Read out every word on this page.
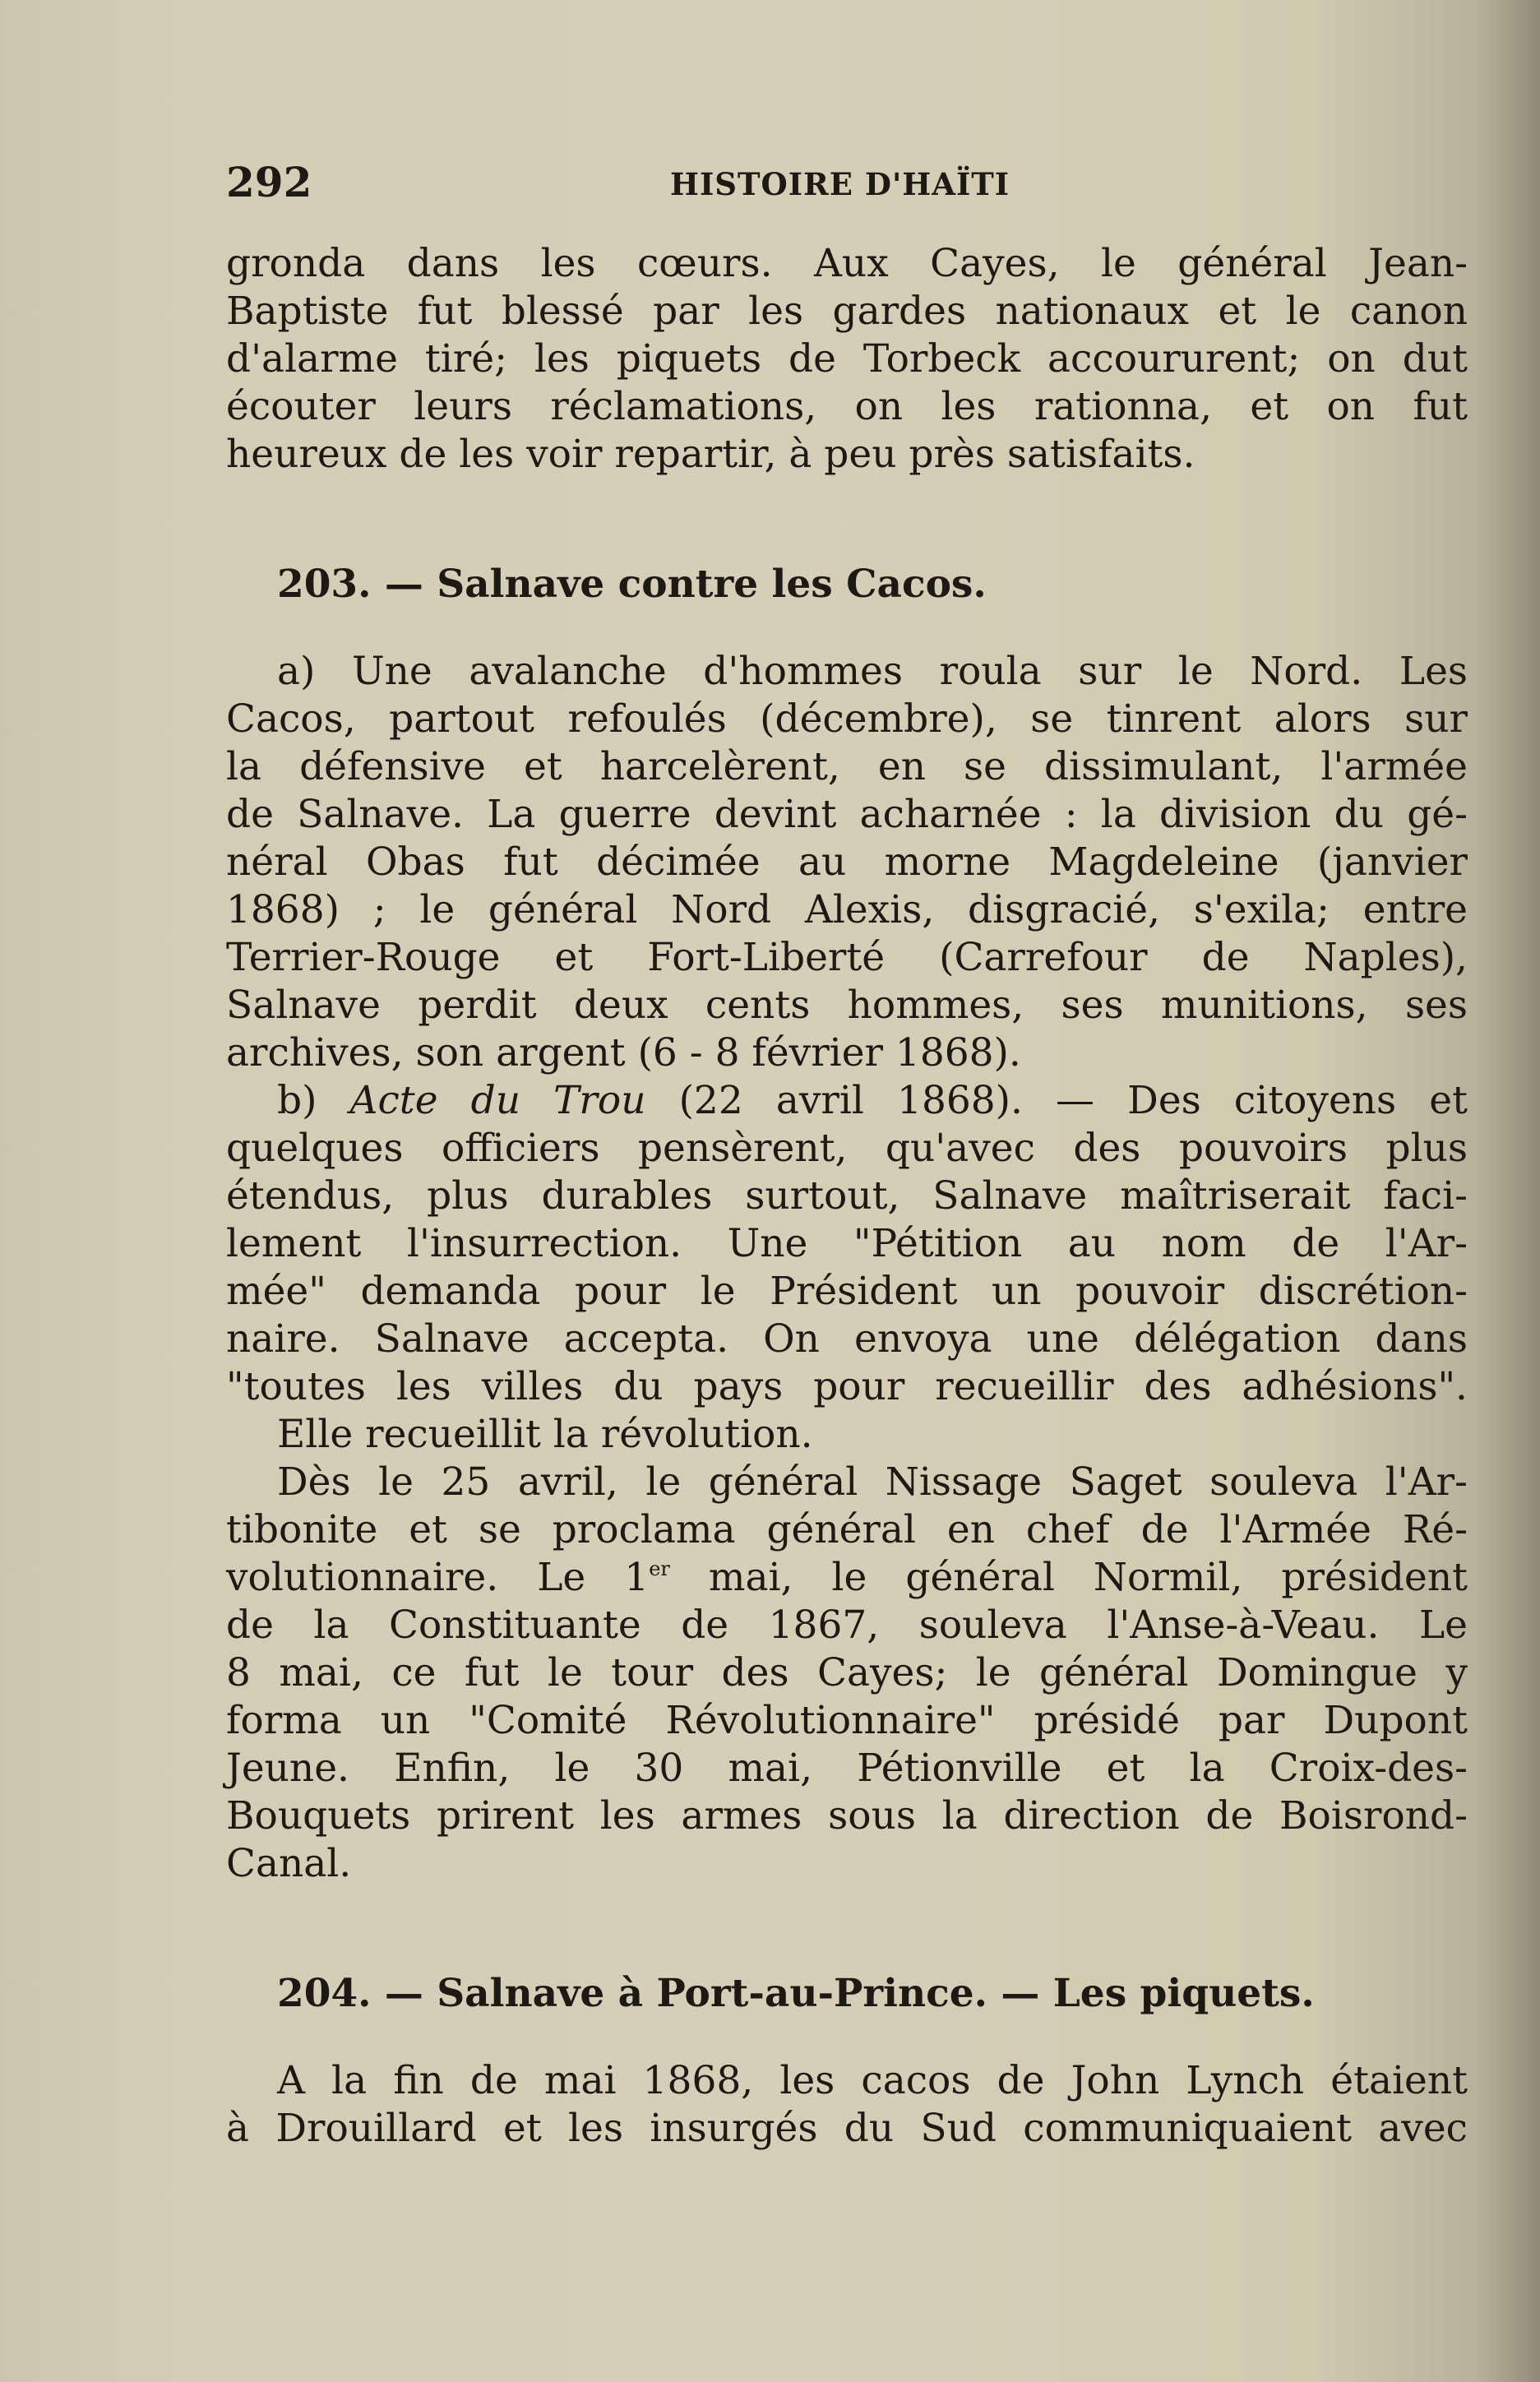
292	HISTOIRE D'HAÏTI
gronda dans les cœurs. Aux Cayes, le général Jean-
Baptiste fut blessé par les gardes nationaux et le canon
d'alarme tiré; les piquets de Torbeck accoururent; on dut
écouter leurs réclamations, on les rationna, et on fut
heureux de les voir repartir, à peu près satisfaits.
203. — Salnave contre les Cacos.
a) Une avalanche d'hommes roula sur le Nord. Les
Cacos, partout refoulés (décembre), se tinrent alors sur
la défensive et harcelèrent, en se dissimulant, l'armée
de Salnave. La guerre devint acharnée : la division du gé-
néral Obas fut décimée au morne Magdeleine (janvier
1868) ; le général Nord Alexis, disgracié, s'exila; entre
Terrier-Rouge et Fort-Liberté (Carrefour de Naples),
Salnave perdit deux cents hommes, ses munitions, ses
archives, son argent (6 - 8 février 1868).
b) Acte du Trou (22 avril 1868). — Des citoyens et
quelques officiers pensèrent, qu'avec des pouvoirs plus
étendus, plus durables surtout, Salnave maîtriserait faci-
lement l'insurrection. Une "Pétition au nom de l'Ar-
mée" demanda pour le Président un pouvoir discrétion-
naire. Salnave accepta. On envoya une délégation dans
"toutes les villes du pays pour recueillir des adhésions".
Elle recueillit la révolution.
Dès le 25 avril, le général Nissage Saget souleva l'Ar-
tibonite et se proclama général en chef de l'Armée Ré-
volutionnaire. Le 1er mai, le général Normil, président
de la Constituante de 1867, souleva l'Anse-à-Veau. Le
8 mai, ce fut le tour des Cayes; le général Domingue y
forma un "Comité Révolutionnaire" présidé par Dupont
Jeune. Enfin, le 30 mai, Pétionville et la Croix-des-
Bouquets prirent les armes sous la direction de Boisrond-
Canal.
204. — Salnave à Port-au-Prince. — Les piquets.
A la fin de mai 1868, les cacos de John Lynch étaient
à Drouillard et les insurgés du Sud communiquaient avec
